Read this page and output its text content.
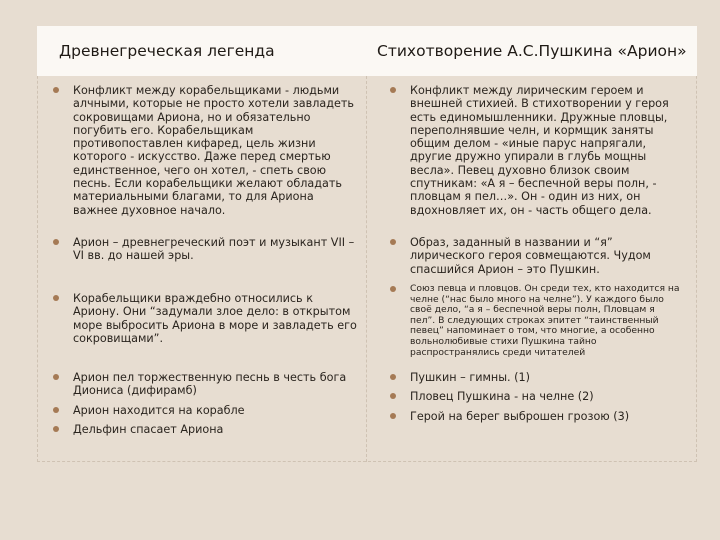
Древнегреческая легенда	Стихотворение А.С.Пушкина «Арион»
Конфликт между корабельщиками - людьми алчными, которые не просто хотели завладеть сокровищами Ариона, но и обязательно погубить его. Корабельщикам противопоставлен кифаред, цель жизни которого - искусство. Даже перед смертью единственное, чего он хотел, - спеть свою песнь. Если корабельщики желают обладать материальными благами, то для Ариона важнее духовное начало.
Конфликт между лирическим героем и внешней стихией. В стихотворении у героя есть единомышленники. Дружные пловцы, переполнявшие челн, и кормщик заняты общим делом - «иные парус напрягали, другие дружно упирали в глубь мощны весла». Певец духовно близок своим спутникам: «А я – беспечной веры полн, - пловцам я пел…». Он - один из них, он вдохновляет их, он - часть общего дела.
Арион – древнегреческий поэт и музыкант VII – VI вв. до нашей эры.
Образ, заданный в названии и “я” лирического героя совмещаются. Чудом спасшийся Арион – это Пушкин.
Корабельщики враждебно относились к Ариону. Они “задумали злое дело: в открытом море выбросить Ариона в море и завладеть его сокровищами”.
Союз певца и пловцов. Он среди тех, кто находится на челне (“нас было много на челне”). У каждого было своё дело, “а я – беспечной веры полн, Пловцам я пел”. В следующих строках эпитет “таинственный певец” напоминает о том, что многие, а особенно вольнолюбивые стихи Пушкина тайно распространялись среди читателей
Арион пел торжественную песнь в честь бога Диониса (дифирамб)
Арион находится на корабле
Дельфин спасает Ариона
Пушкин – гимны. (1)
Пловец Пушкина - на челне (2)
Герой на берег выброшен грозою (3)
